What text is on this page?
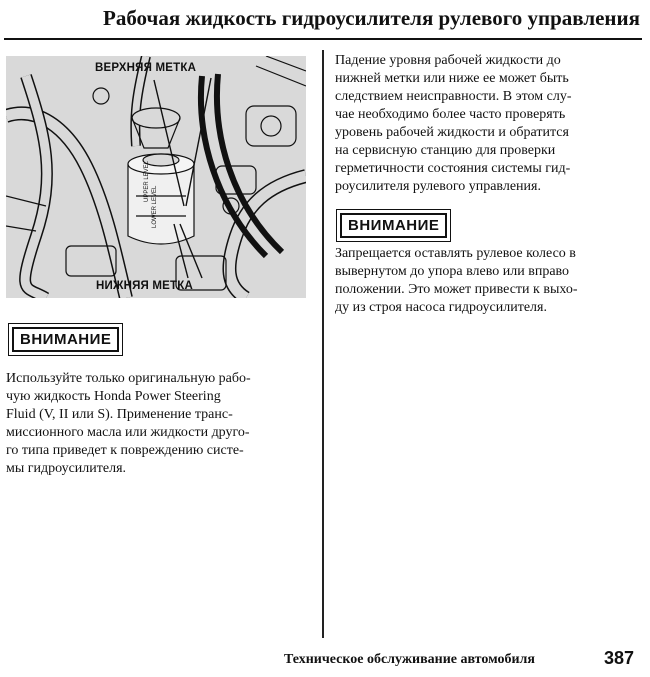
Рабочая жидкость гидроусилителя рулевого управления
UPPER LEVEL
LOWER LEVEL
ВЕРХНЯЯ МЕТКА
НИЖНЯЯ МЕТКА
ВНИМАНИЕ

Используйте только оригинальную рабо-

чую жидкость Honda Power Steering

Fluid (V, II или S). Применение транс-

миссионного масла или жидкости друго-

го типа приведет к повреждению систе-

мы гидроусилителя.

Падение уровня рабочей жидкости до

нижней метки или ниже ее может быть

следствием неисправности. В этом слу-

чае необходимо более часто проверять

уровень рабочей жидкости и обратится

на сервисную станцию для проверки

герметичности состояния системы гид-

роусилителя рулевого управления.

ВНИМАНИЕ

Запрещается оставлять рулевое колесо в

вывернутом до упора влево или вправо

положении. Это может привести к выхо-

ду из строя насоса гидроусилителя.

Техническое обслуживание автомобиля	387
